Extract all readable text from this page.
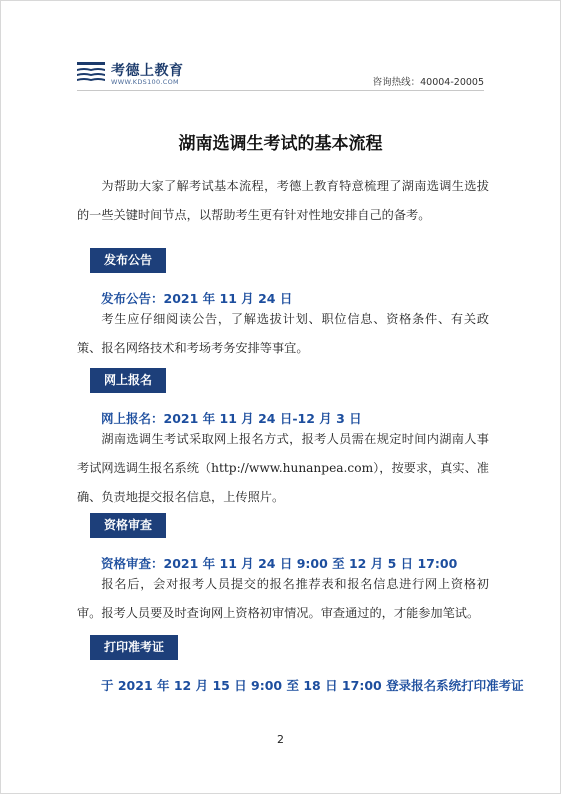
考德上教育
WWW.KDS100.COM	咨询热线：40004-20005
湖南选调生考试的基本流程
为帮助大家了解考试基本流程，考德上教育特意梳理了湖南选调生选拔的一些关键时间节点，以帮助考生更有针对性地安排自己的备考。
发布公告
发布公告：2021 年 11 月 24 日
考生应仔细阅读公告，了解选拔计划、职位信息、资格条件、有关政策、报名网络技术和考场考务安排等事宜。
网上报名
网上报名：2021 年 11 月 24 日-12 月 3 日
湖南选调生考试采取网上报名方式，报考人员需在规定时间内湖南人事考试网选调生报名系统（http://www.hunanpea.com），按要求，真实、准确、负责地提交报名信息，上传照片。
资格审查
资格审查：2021 年 11 月 24 日 9:00 至 12 月 5 日 17:00
报名后，会对报考人员提交的报名推荐表和报名信息进行网上资格初审。报考人员要及时查询网上资格初审情况。审查通过的，才能参加笔试。
打印准考证
于 2021 年 12 月 15 日 9:00 至 18 日 17:00 登录报名系统打印准考证
2
